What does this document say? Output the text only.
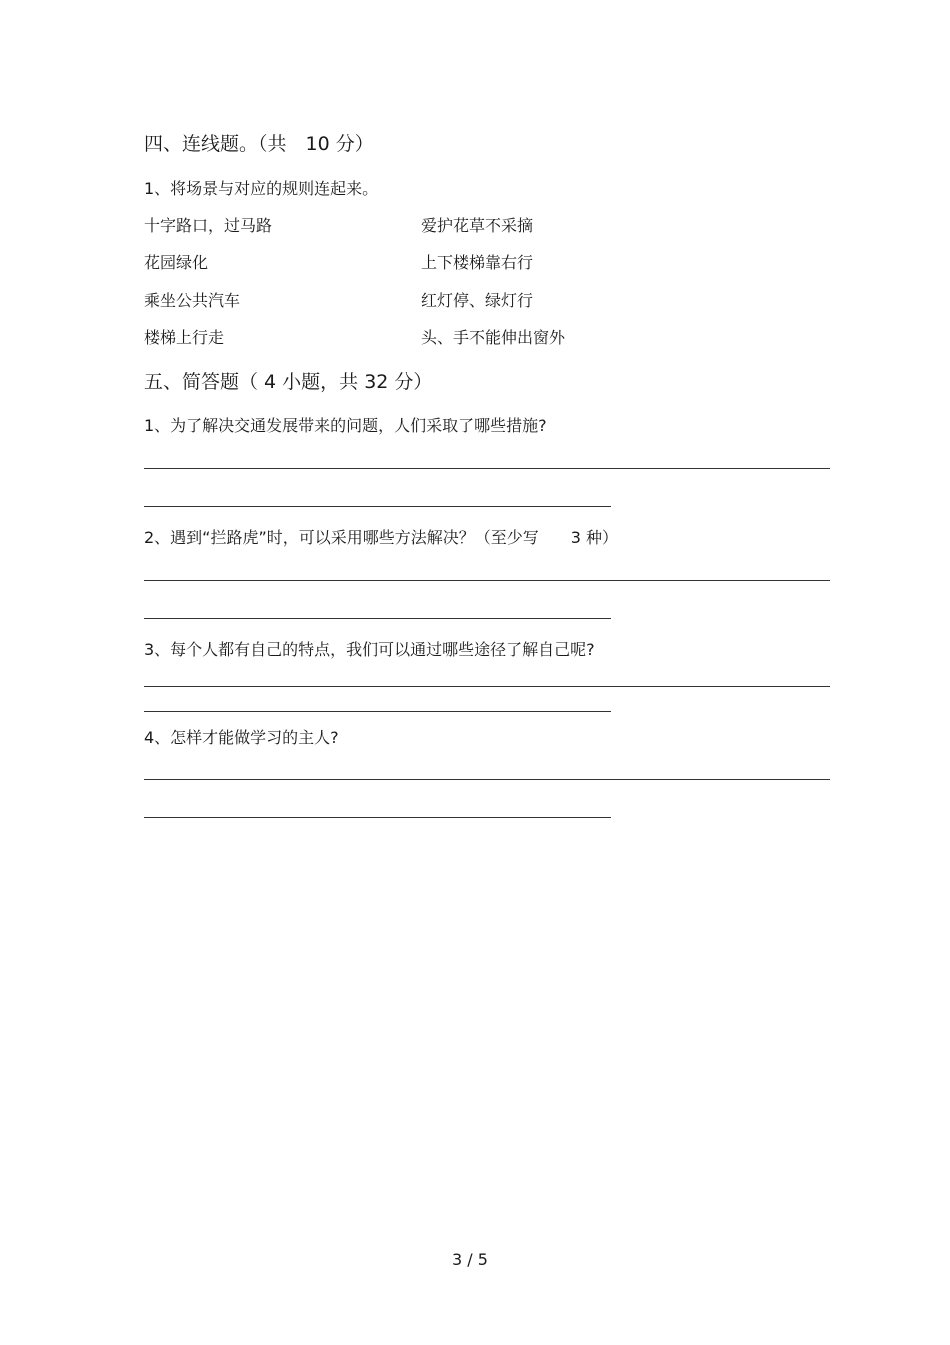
四、连线题。（共　10 分）
1、将场景与对应的规则连起来。
十字路口，过马路	爱护花草不采摘
花园绿化	上下楼梯靠右行
乘坐公共汽车	红灯停、绿灯行
楼梯上行走	头、手不能伸出窗外
五、简答题（ 4 小题，共 32 分）
1、为了解决交通发展带来的问题，人们采取了哪些措施?
2、遇到“拦路虎”时，可以采用哪些方法解决？（至少写　　3 种）
3、每个人都有自己的特点，我们可以通过哪些途径了解自己呢?
4、怎样才能做学习的主人?
3 / 5
